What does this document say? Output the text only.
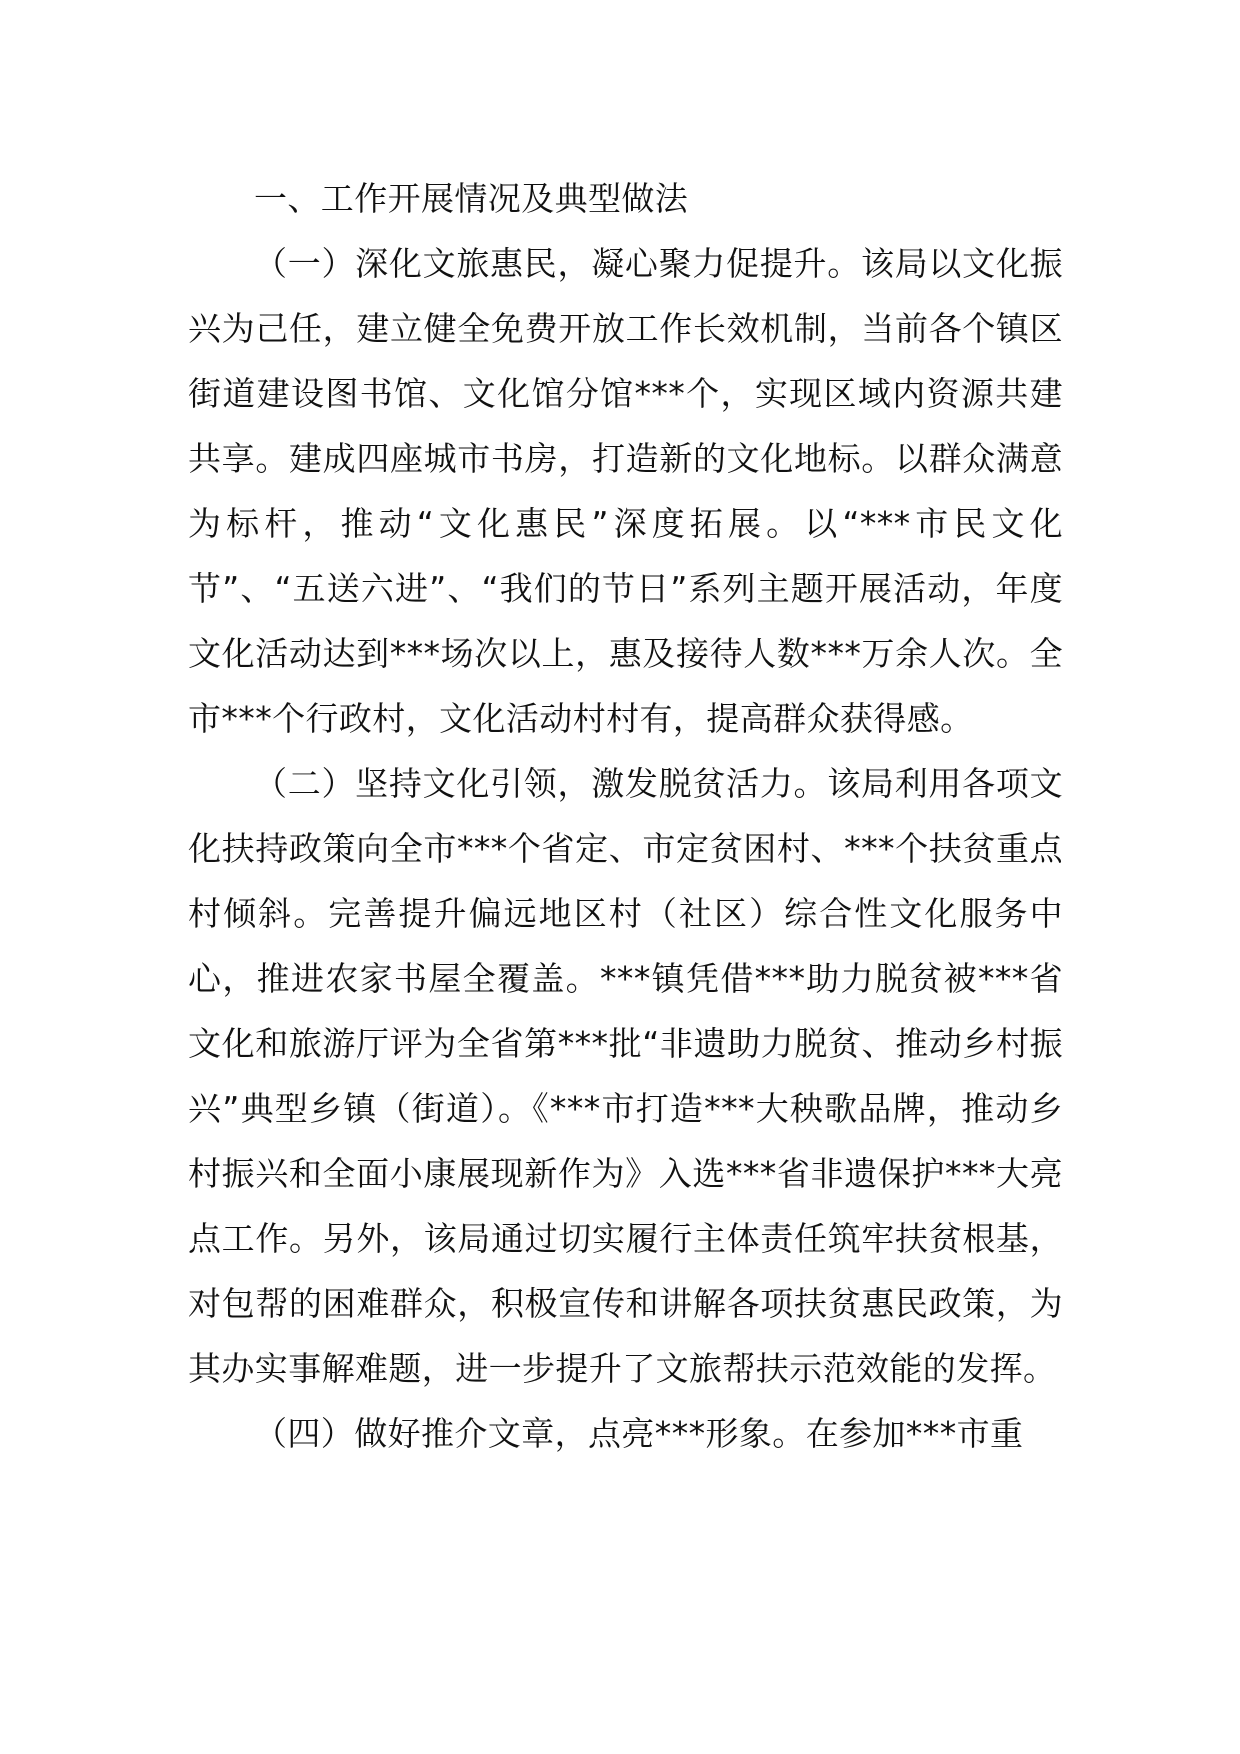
一、工作开展情况及典型做法

（一）深化文旅惠民，凝心聚力促提升。该局以文化振兴为己任，建立健全免费开放工作长效机制，当前各个镇区街道建设图书馆、文化馆分馆***个，实现区域内资源共建共享。建成四座城市书房，打造新的文化地标。以群众满意为标杆，推动“文化惠民”深度拓展。以“***市民文化节”、“五送六进”、“我们的节日”系列主题开展活动，年度文化活动达到***场次以上，惠及接待人数***万余人次。全市***个行政村，文化活动村村有，提高群众获得感。

（二）坚持文化引领，激发脱贫活力。该局利用各项文化扶持政策向全市***个省定、市定贫困村、***个扶贫重点村倾斜。完善提升偏远地区村（社区）综合性文化服务中心，推进农家书屋全覆盖。***镇凭借***助力脱贫被***省文化和旅游厅评为全省第***批“非遗助力脱贫、推动乡村振兴”典型乡镇（街道）。《***市打造***大秧歌品牌，推动乡村振兴和全面小康展现新作为》入选***省非遗保护***大亮点工作。另外，该局通过切实履行主体责任筑牢扶贫根基，对包帮的困难群众，积极宣传和讲解各项扶贫惠民政策，为其办实事解难题，进一步提升了文旅帮扶示范效能的发挥。

（四）做好推介文章，点亮***形象。在参加***市重
